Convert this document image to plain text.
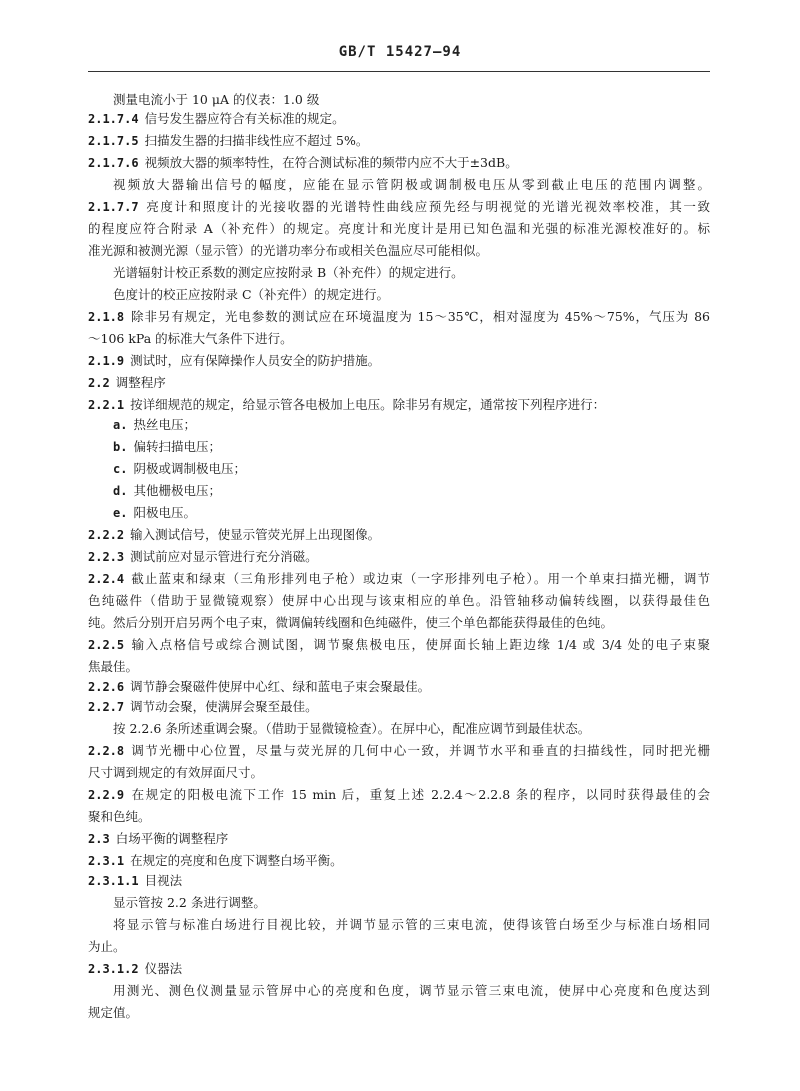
GB/T 15427—94
测量电流小于 10 μA 的仪表：1.0 级
2.1.7.4 信号发生器应符合有关标准的规定。
2.1.7.5 扫描发生器的扫描非线性应不超过 5%。
2.1.7.6 视频放大器的频率特性，在符合测试标准的频带内应不大于±3dB。
视频放大器输出信号的幅度，应能在显示管阴极或调制极电压从零到截止电压的范围内调整。
2.1.7.7 亮度计和照度计的光接收器的光谱特性曲线应预先经与明视觉的光谱光视效率校准，其一致
的程度应符合附录 A（补充件）的规定。亮度计和光度计是用已知色温和光强的标准光源校准好的。标
准光源和被测光源（显示管）的光谱功率分布或相关色温应尽可能相似。
光谱辐射计校正系数的测定应按附录 B（补充件）的规定进行。
色度计的校正应按附录 C（补充件）的规定进行。
2.1.8 除非另有规定，光电参数的测试应在环境温度为 15～35℃，相对湿度为 45%～75%，气压为 86
～106 kPa 的标准大气条件下进行。
2.1.9 测试时，应有保障操作人员安全的防护措施。
2.2 调整程序
2.2.1 按详细规范的规定，给显示管各电极加上电压。除非另有规定，通常按下列程序进行：
a. 热丝电压；
b. 偏转扫描电压；
c. 阴极或调制极电压；
d. 其他栅极电压；
e. 阳极电压。
2.2.2 输入测试信号，使显示管荧光屏上出现图像。
2.2.3 测试前应对显示管进行充分消磁。
2.2.4 截止蓝束和绿束（三角形排列电子枪）或边束（一字形排列电子枪）。用一个单束扫描光栅，调节
色纯磁件（借助于显微镜观察）使屏中心出现与该束相应的单色。沿管轴移动偏转线圈，以获得最佳色
纯。然后分别开启另两个电子束，微调偏转线圈和色纯磁件，使三个单色都能获得最佳的色纯。
2.2.5 输入点格信号或综合测试图，调节聚焦极电压，使屏面长轴上距边缘 1/4 或 3/4 处的电子束聚
焦最佳。
2.2.6 调节静会聚磁件使屏中心红、绿和蓝电子束会聚最佳。
2.2.7 调节动会聚，使满屏会聚至最佳。
按 2.2.6 条所述重调会聚。（借助于显微镜检查）。在屏中心，配准应调节到最佳状态。
2.2.8 调节光栅中心位置，尽量与荧光屏的几何中心一致，并调节水平和垂直的扫描线性，同时把光栅
尺寸调到规定的有效屏面尺寸。
2.2.9 在规定的阳极电流下工作 15 min 后，重复上述 2.2.4～2.2.8 条的程序，以同时获得最佳的会
聚和色纯。
2.3 白场平衡的调整程序
2.3.1 在规定的亮度和色度下调整白场平衡。
2.3.1.1 目视法
显示管按 2.2 条进行调整。
将显示管与标准白场进行目视比较，并调节显示管的三束电流，使得该管白场至少与标准白场相同
为止。
2.3.1.2 仪器法
用测光、测色仪测量显示管屏中心的亮度和色度，调节显示管三束电流，使屏中心亮度和色度达到
规定值。
